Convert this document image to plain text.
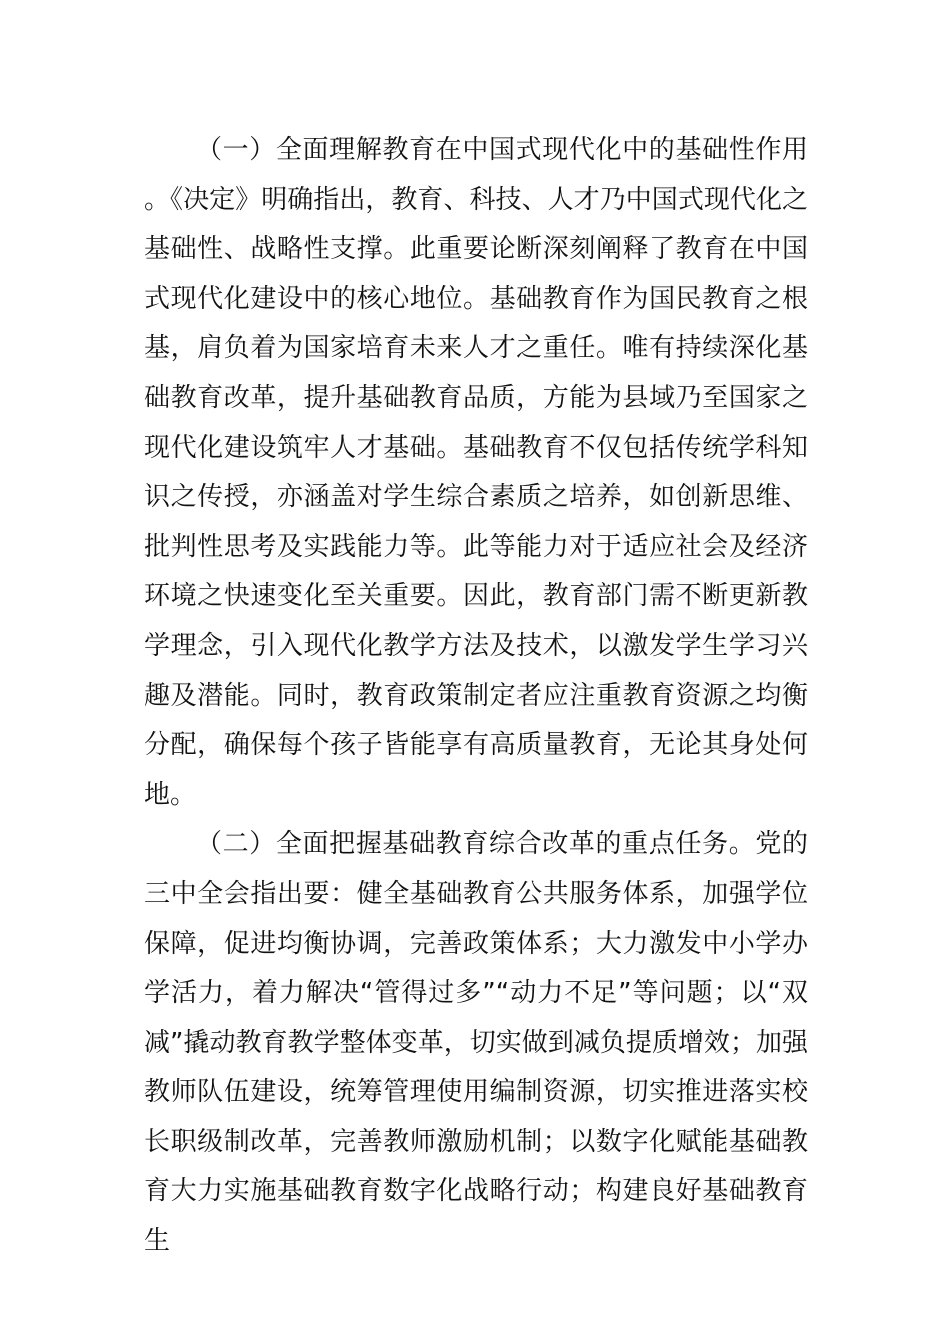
（一）全面理解教育在中国式现代化中的基础性作用。《决定》明确指出，教育、科技、人才乃中国式现代化之基础性、战略性支撑。此重要论断深刻阐释了教育在中国式现代化建设中的核心地位。基础教育作为国民教育之根基，肩负着为国家培育未来人才之重任。唯有持续深化基础教育改革，提升基础教育品质，方能为县域乃至国家之现代化建设筑牢人才基础。基础教育不仅包括传统学科知识之传授，亦涵盖对学生综合素质之培养，如创新思维、批判性思考及实践能力等。此等能力对于适应社会及经济环境之快速变化至关重要。因此，教育部门需不断更新教学理念，引入现代化教学方法及技术，以激发学生学习兴趣及潜能。同时，教育政策制定者应注重教育资源之均衡分配，确保每个孩子皆能享有高质量教育，无论其身处何地。

（二）全面把握基础教育综合改革的重点任务。党的三中全会指出要：健全基础教育公共服务体系，加强学位保障，促进均衡协调，完善政策体系；大力激发中小学办学活力，着力解决“管得过多”“动力不足”等问题；以“双减”撬动教育教学整体变革，切实做到减负提质增效；加强教师队伍建设，统筹管理使用编制资源，切实推进落实校长职级制改革，完善教师激励机制；以数字化赋能基础教育大力实施基础教育数字化战略行动；构建良好基础教育生
